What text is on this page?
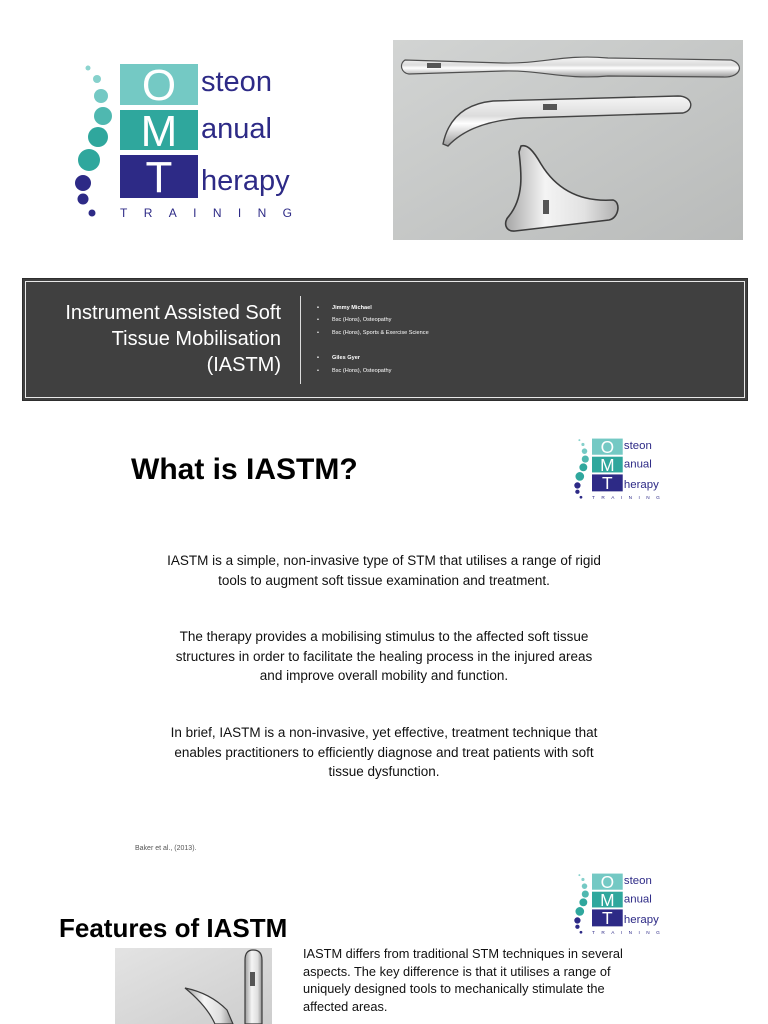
O
M
T
steon
anual
herapy
TRAINING
Instrument Assisted Soft
Tissue Mobilisation
(IASTM)
• Jimmy Michael
• Bsc (Hons), Osteopathy
• Bsc (Hons), Sports & Exercise Science
• Giles Gyer
• Bsc (Hons), Osteopathy
What is IASTM?
O
M
T
steon
anual
herapy
TRAINING
IASTM is a simple, non-invasive type of STM that utilises a range of rigid
tools to augment soft tissue examination and treatment.
The therapy provides a mobilising stimulus to the affected soft tissue
structures in order to facilitate the healing process in the injured areas
and improve overall mobility and function.
In brief, IASTM is a non-invasive, yet effective, treatment technique that
enables practitioners to efficiently diagnose and treat patients with soft
tissue dysfunction.
Baker et al., (2013).
O
M
T
steon
anual
herapy
TRAINING
Features of IASTM
IASTM differs from traditional STM techniques in several
aspects. The key difference is that it utilises a range of
uniquely designed tools to mechanically stimulate the
affected areas.
